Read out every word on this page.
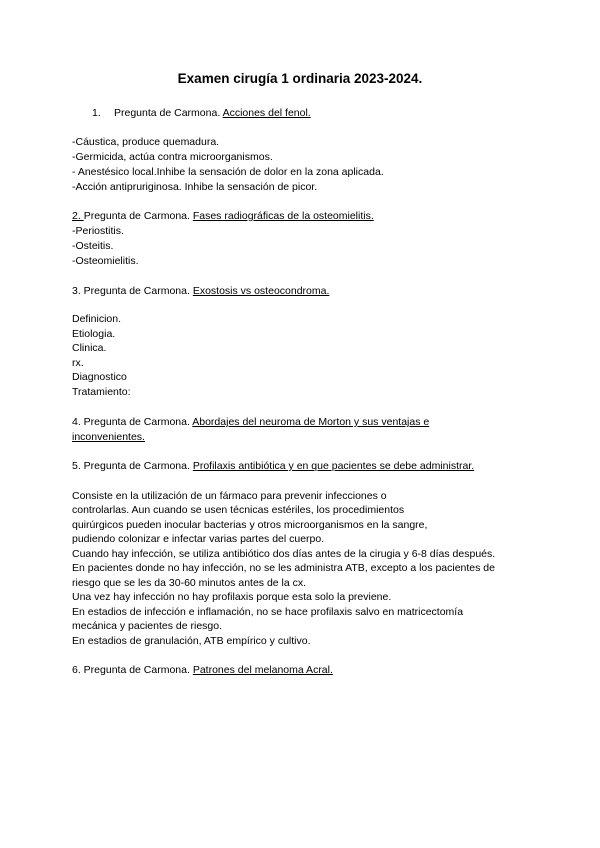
Examen cirugía 1 ordinaria 2023-2024.
1. Pregunta de Carmona. Acciones del fenol.
-Cáustica, produce quemadura.
-Germicida, actúa contra microorganismos.
- Anestésico local.Inhibe la sensación de dolor en la zona aplicada.
-Acción antipruriginosa. Inhibe la sensación de picor.
2. Pregunta de Carmona. Fases radiográficas de la osteomielitis.
-Periostitis.
-Osteitis.
-Osteomielitis.
3. Pregunta de Carmona. Exostosis vs osteocondroma.
Definicion.
Etiologia.
Clinica.
rx.
Diagnostico
Tratamiento:
4. Pregunta de Carmona. Abordajes del neuroma de Morton y sus ventajas e
inconvenientes.
5. Pregunta de Carmona. Profilaxis antibiótica y en que pacientes se debe administrar.
Consiste en la utilización de un fármaco para prevenir infecciones o
controlarlas. Aun cuando se usen técnicas estériles, los procedimientos
quirúrgicos pueden inocular bacterias y otros microorganismos en la sangre,
pudiendo colonizar e infectar varias partes del cuerpo.
Cuando hay infección, se utiliza antibiótico dos días antes de la cirugia y 6-8 días después.
En pacientes donde no hay infección, no se les administra ATB, excepto a los pacientes de
riesgo que se les da 30-60 minutos antes de la cx.
Una vez hay infección no hay profilaxis porque esta solo la previene.
En estadios de infección e inflamación, no se hace profilaxis salvo en matricectomía
mecánica y pacientes de riesgo.
En estadios de granulación, ATB empírico y cultivo.
6. Pregunta de Carmona. Patrones del melanoma Acral.
